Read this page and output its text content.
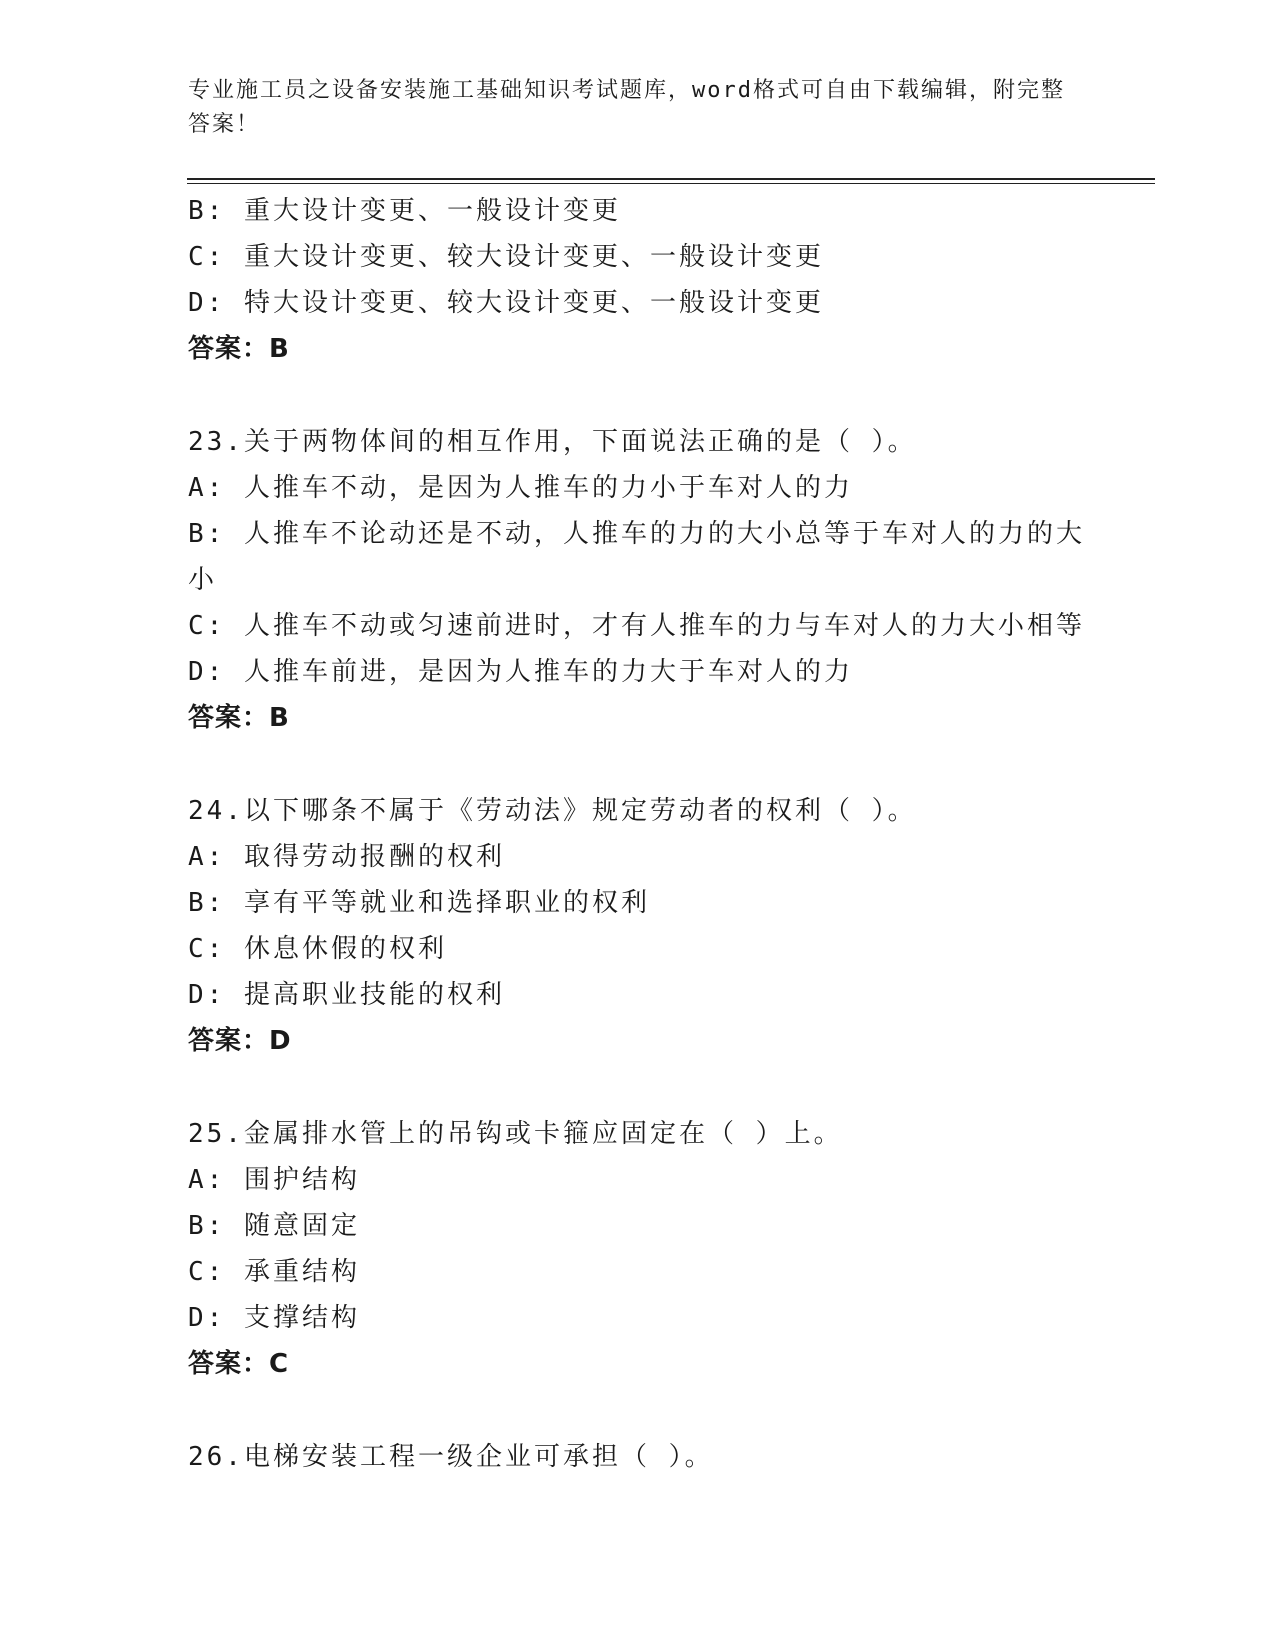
专业施工员之设备安装施工基础知识考试题库，word格式可自由下载编辑，附完整答案！
B: 重大设计变更、一般设计变更
C: 重大设计变更、较大设计变更、一般设计变更
D: 特大设计变更、较大设计变更、一般设计变更
答案：B
23.关于两物体间的相互作用，下面说法正确的是（ ）。
A: 人推车不动，是因为人推车的力小于车对人的力
B: 人推车不论动还是不动，人推车的力的大小总等于车对人的力的大小
C: 人推车不动或匀速前进时，才有人推车的力与车对人的力大小相等
D: 人推车前进，是因为人推车的力大于车对人的力
答案：B
24.以下哪条不属于《劳动法》规定劳动者的权利（ ）。
A: 取得劳动报酬的权利
B: 享有平等就业和选择职业的权利
C: 休息休假的权利
D: 提高职业技能的权利
答案：D
25.金属排水管上的吊钩或卡箍应固定在（ ）上。
A: 围护结构
B: 随意固定
C: 承重结构
D: 支撑结构
答案：C
26.电梯安装工程一级企业可承担（ ）。
